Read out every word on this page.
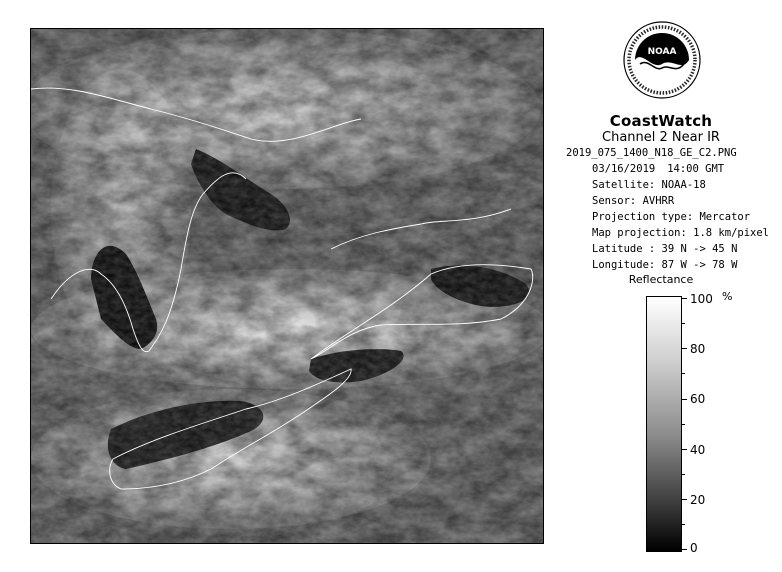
NOAA
CoastWatch
Channel 2 Near IR
2019_075_1400_N18_GE_C2.PNG
03/16/2019 14:00 GMT
Satellite: NOAA-18
Sensor: AVHRR
Projection type: Mercator
Map projection: 1.8 km/pixel
Latitude : 39 N -> 45 N
Longitude: 87 W -> 78 W
Reflectance
%
100
80
60
40
20
0
